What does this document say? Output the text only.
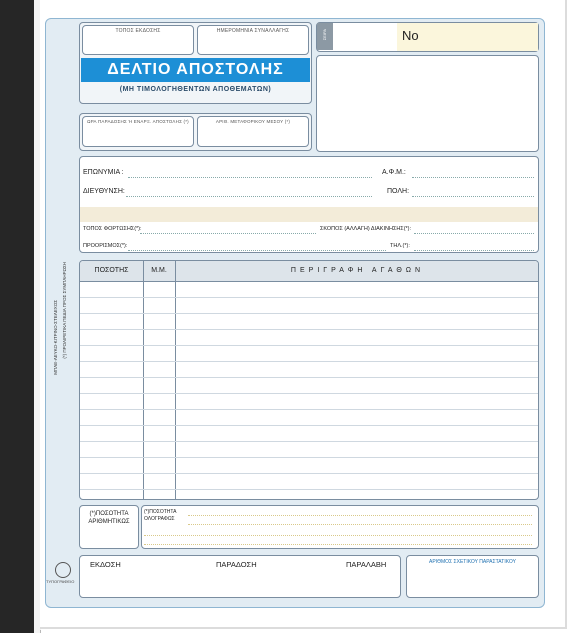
ΤΟΠΟΣ ΕΚΔΟΣΗΣ	ΗΜΕΡΟΜΗΝΙΑ ΣΥΝΑΛΛΑΓΗΣ
ΔΕΛΤΙΟ ΑΠΟΣΤΟΛΗΣ
(ΜΗ ΤΙΜΟΛΟΓΗΘΕΝΤΩΝ ΑΠΟΘΕΜΑΤΩΝ)
ΣΕΙΡΑ	No
ΩΡΑ ΠΑΡΑΔΟΣΗΣ Ή ΕΝΑΡΞ. ΑΠΟΣΤΟΛΗΣ (*)	ΑΡΙΘ. ΜΕΤΑΦΟΡΙΚΟΥ ΜΕΣΟΥ (*)
ΕΠΩΝΥΜΙΑ :	Α.Φ.Μ.:
ΔΙΕΥΘΥΝΣΗ:	ΠΟΛΗ:
ΤΟΠΟΣ ΦΟΡΤΩΣΗΣ(*):	ΣΚΟΠΟΣ (ΑΛΛΑΓΗ) ΔΙΑΚΙΝΗΣΗΣ(*):
ΠΡΟΟΡΙΣΜΟΣ(*):	ΤΗΛ.(*):
ΠΟΣΟΤΗΣ	Μ.Μ.	ΠΕΡΙΓΡΑΦΗ ΑΓΑΘΩΝ
(*)ΠΟΣΟΤΗΤΑ ΑΡΙΘΜΗΤΙΚΩΣ
(*)ΠΟΣΟΤΗΤΑ ΟΛΟΓΡΑΦΩΣ
ΕΚΔΟΣΗ	ΠΑΡΑΔΟΣΗ	ΠΑΡΑΛΑΒΗ	ΑΡΙΘΜΟΣ ΣΧΕΤΙΚΟΥ ΠΑΡΑΣΤΑΤΙΚΟΥ
ΜΠΛΕ-ΛΕΥΚΟ-ΚΙΤΡΙΝΟ-ΣΤΕΛΕΧΟΣ (*) ΠΡΟΑΙΡΕΤΙΚΑ ΠΕΔΙΑ ΠΡΟΣ ΣΥΜΠΛΗΡΩΣΗ
ΤΥΠΟΓΡΑΦΕΙΟ
